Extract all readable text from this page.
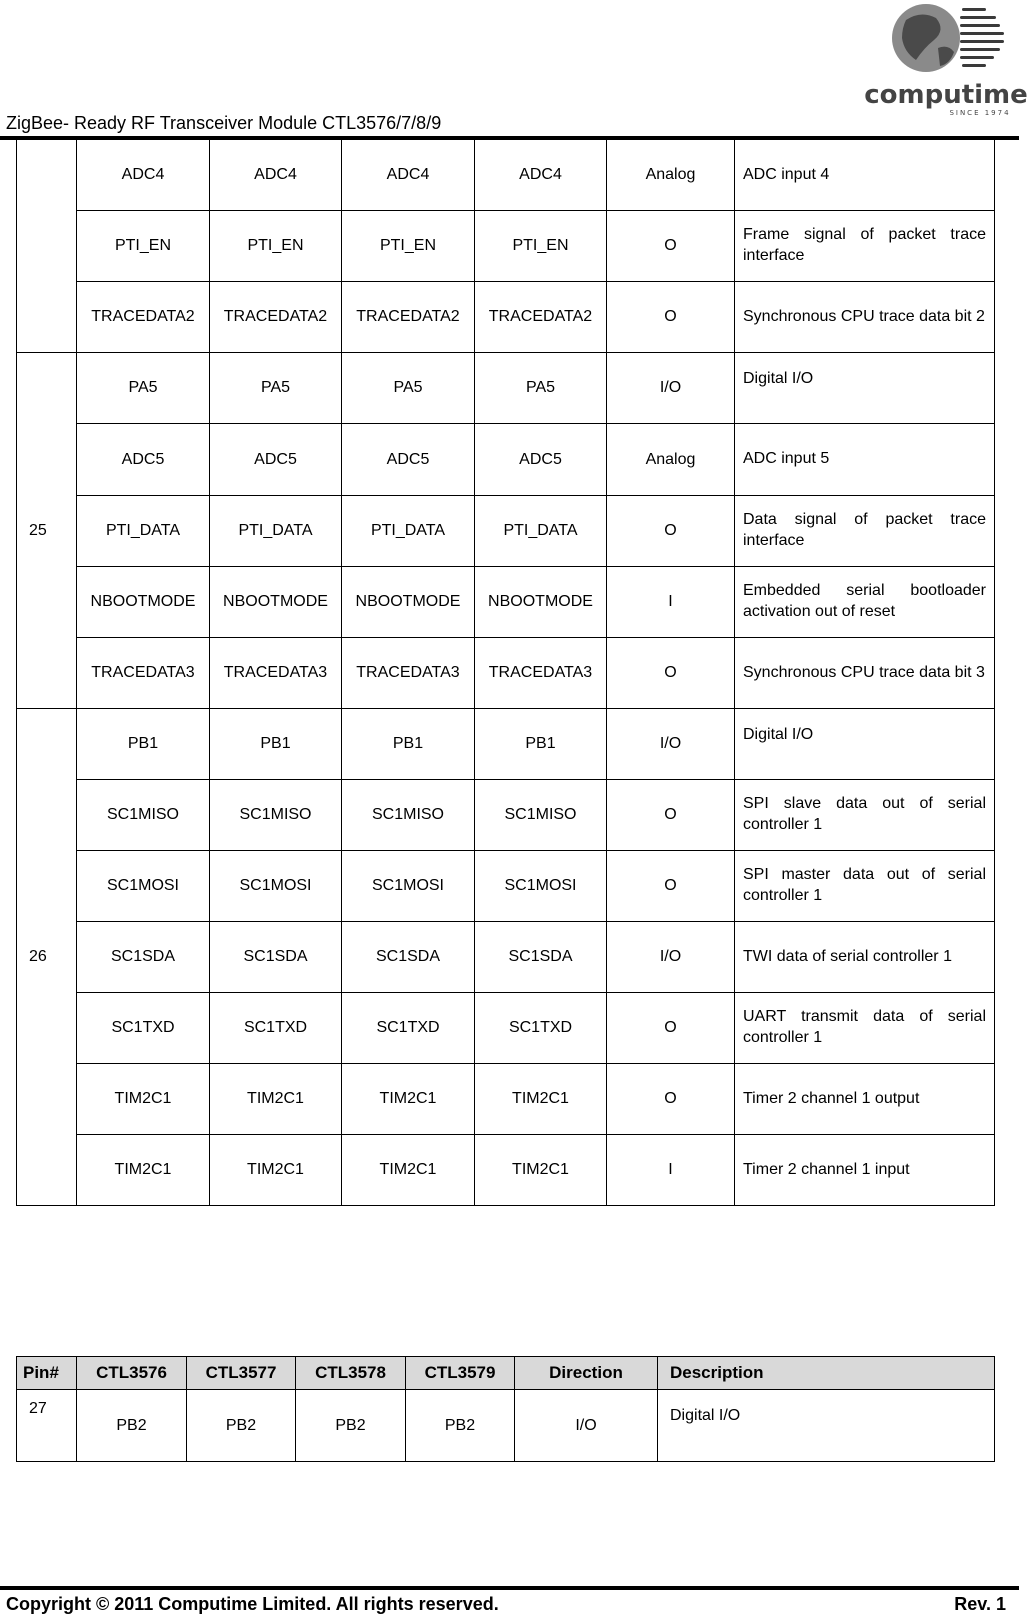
ZigBee- Ready RF Transceiver Module CTL3576/7/8/9
computime
SINCE 1974
	ADC4	ADC4	ADC4	ADC4	Analog	ADC input 4
	PTI_EN	PTI_EN	PTI_EN	PTI_EN	O	Frame signal of packet trace interface
	TRACEDATA2	TRACEDATA2	TRACEDATA2	TRACEDATA2	O	Synchronous CPU trace data bit 2
25	PA5	PA5	PA5	PA5	I/O	Digital I/O
	ADC5	ADC5	ADC5	ADC5	Analog	ADC input 5
	PTI_DATA	PTI_DATA	PTI_DATA	PTI_DATA	O	Data signal of packet trace interface
	NBOOTMODE	NBOOTMODE	NBOOTMODE	NBOOTMODE	I	Embedded serial bootloader activation out of reset
	TRACEDATA3	TRACEDATA3	TRACEDATA3	TRACEDATA3	O	Synchronous CPU trace data bit 3
26	PB1	PB1	PB1	PB1	I/O	Digital I/O
	SC1MISO	SC1MISO	SC1MISO	SC1MISO	O	SPI slave data out of serial controller 1
	SC1MOSI	SC1MOSI	SC1MOSI	SC1MOSI	O	SPI master data out of serial controller 1
	SC1SDA	SC1SDA	SC1SDA	SC1SDA	I/O	TWI data of serial controller 1
	SC1TXD	SC1TXD	SC1TXD	SC1TXD	O	UART transmit data of serial controller 1
	TIM2C1	TIM2C1	TIM2C1	TIM2C1	O	Timer 2 channel 1 output
	TIM2C1	TIM2C1	TIM2C1	TIM2C1	I	Timer 2 channel 1 input
Pin#	CTL3576	CTL3577	CTL3578	CTL3579	Direction	Description
27	PB2	PB2	PB2	PB2	I/O	Digital I/O
Copyright © 2011 Computime Limited. All rights reserved.	Rev. 1
